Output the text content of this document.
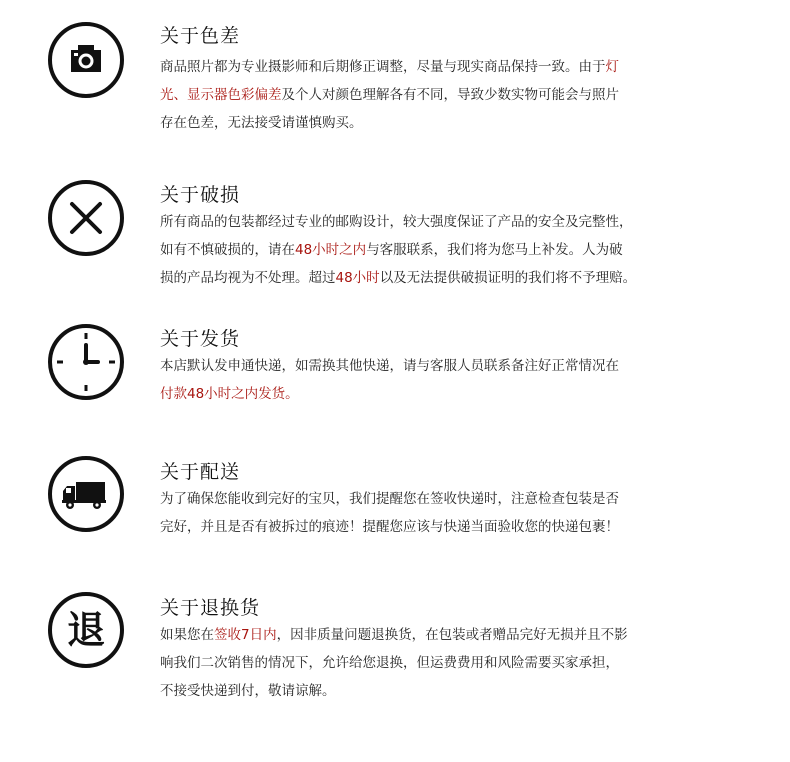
关于色差
商品照片都为专业摄影师和后期修正调整，尽量与现实商品保持一致。由于灯
光、显示器色彩偏差及个人对颜色理解各有不同，导致少数实物可能会与照片
存在色差，无法接受请谨慎购买。
关于破损
所有商品的包装都经过专业的邮购设计，较大强度保证了产品的安全及完整性，
如有不慎破损的，请在48小时之内与客服联系，我们将为您马上补发。人为破
损的产品均视为不处理。超过48小时以及无法提供破损证明的我们将不予理赔。
关于发货
本店默认发申通快递，如需换其他快递，请与客服人员联系备注好正常情况在
付款48小时之内发货。
关于配送
为了确保您能收到完好的宝贝，我们提醒您在签收快递时，注意检查包装是否
完好，并且是否有被拆过的痕迹！提醒您应该与快递当面验收您的快递包裹！
退	关于退换货
如果您在签收7日内，因非质量问题退换货，在包装或者赠品完好无损并且不影
响我们二次销售的情况下，允许给您退换，但运费费用和风险需要买家承担，
不接受快递到付，敬请谅解。
